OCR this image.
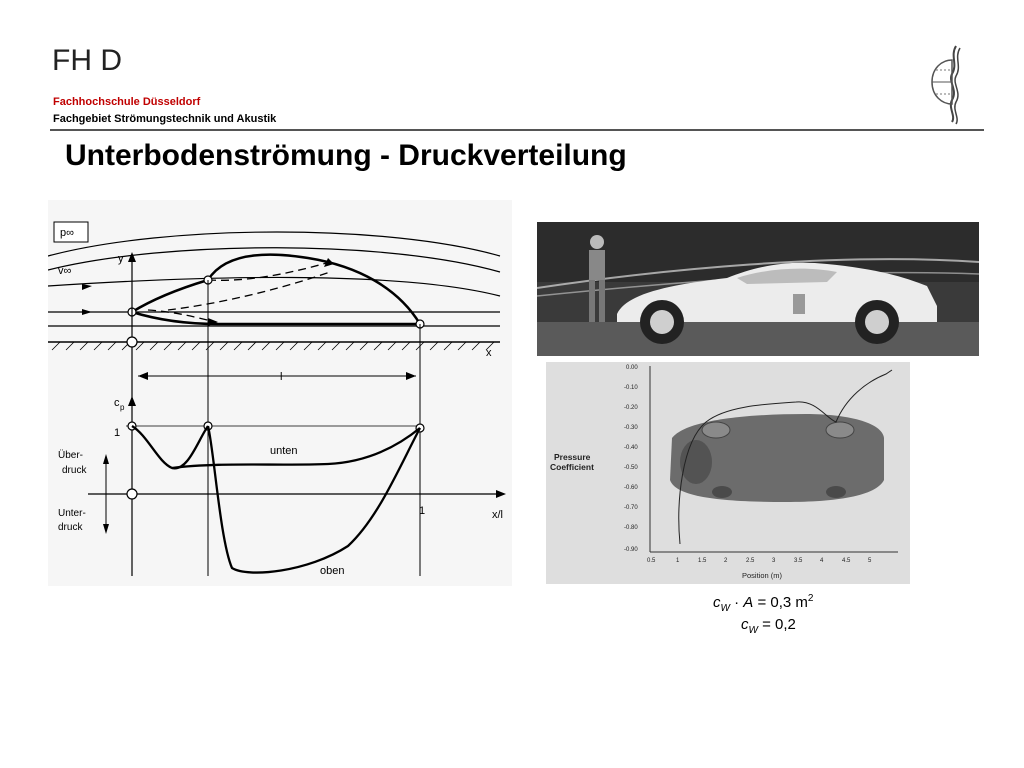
FH D
Fachhochschule Düsseldorf
Fachgebiet Strömungstechnik und Akustik
Unterbodenströmung - Druckverteilung
p∞
v∞
y
x
l
c p
1
x/l
1
Über-
druck
Unter-
druck
unten
oben
0.00
-0.10
-0.20
-0.30
-0.40
-0.50
-0.60
-0.70
-0.80
-0.90
0.5	1	1.5	2	2.5	3	3.5	4	4.5	5
Position (m)
Pressure
Coefficient
$c_W \cdot A = 0,3$ $m^2$
$c_W = 0,2$
